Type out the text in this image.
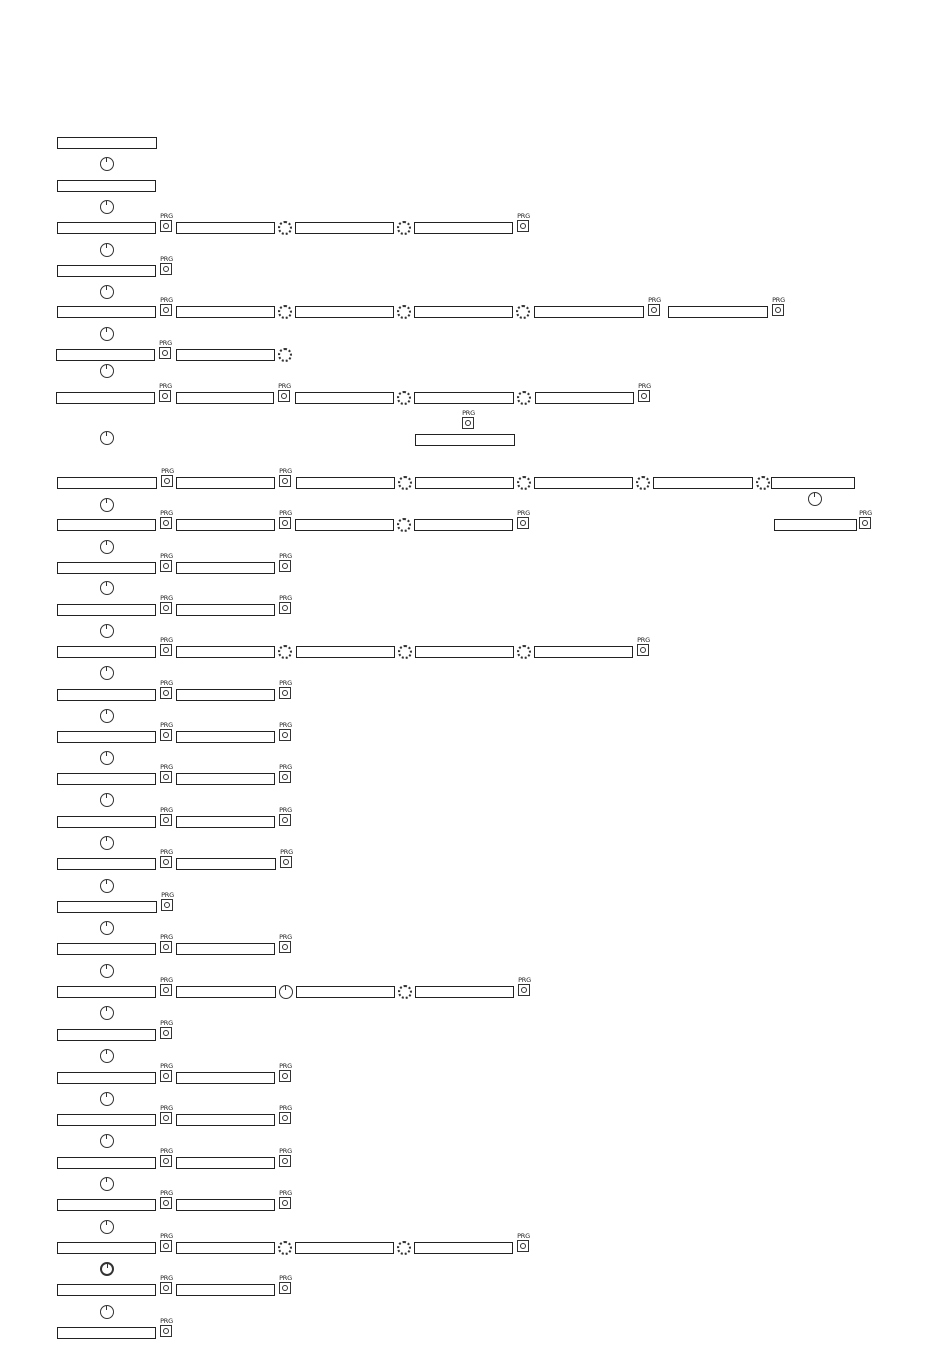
PRG	PRG
PRG
PRG	PRG	PRG
PRG
PRG	PRG	PRG
PRG
PRG	PRG
PRG	PRG	PRG	PRG
PRG	PRG
PRG	PRG
PRG	PRG
PRG	PRG
PRG	PRG
PRG	PRG
PRG	PRG
PRG	PRG
PRG
PRG	PRG
PRG	PRG
PRG
PRG	PRG
PRG	PRG
PRG	PRG
PRG	PRG
PRG	PRG
PRG	PRG
PRG
